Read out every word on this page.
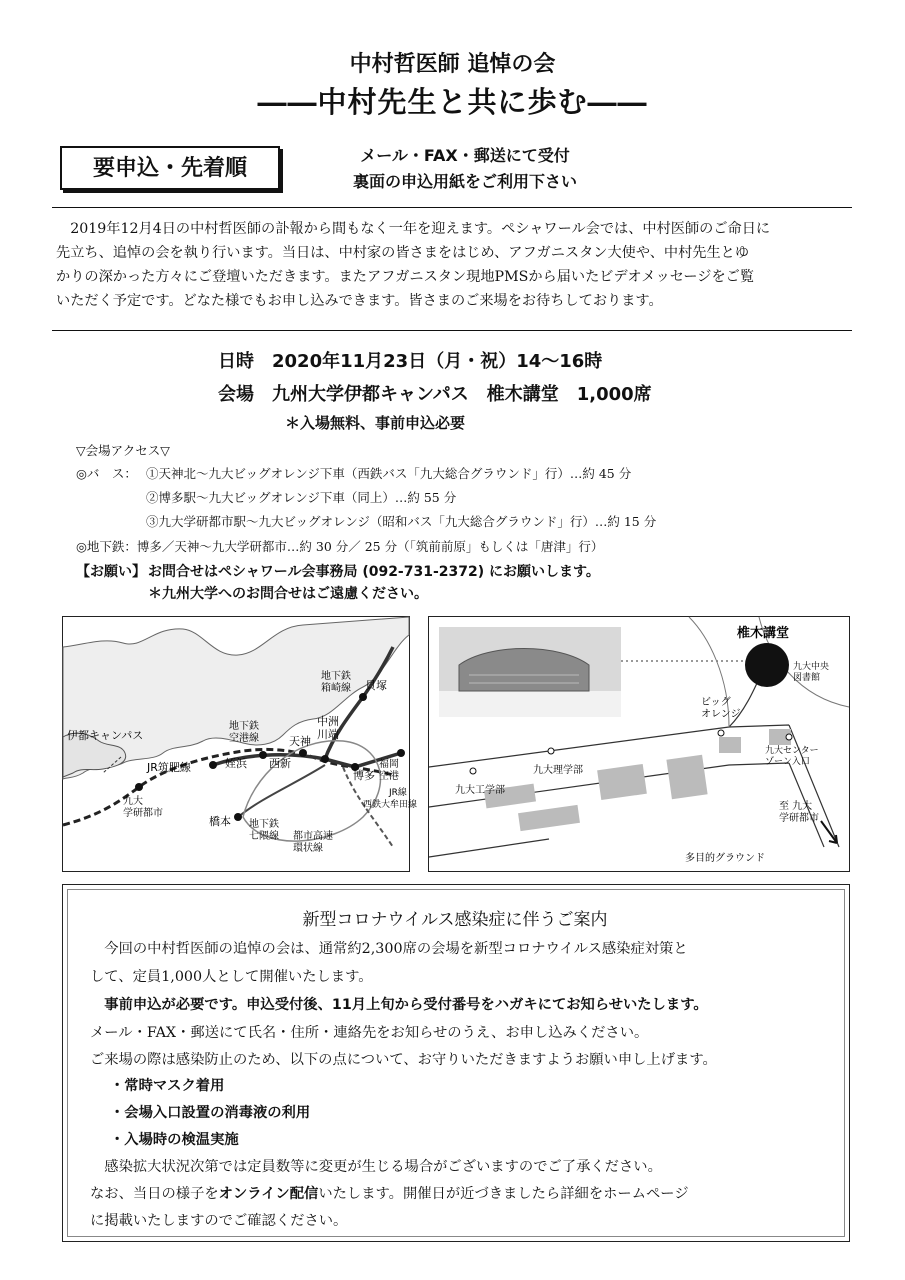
中村哲医師 追悼の会
――中村先生と共に歩む――
要申込・先着順	メール・FAX・郵送にて受付
裏面の申込用紙をご利用下さい
　2019年12月4日の中村哲医師の訃報から間もなく一年を迎えます。ペシャワール会では、中村医師のご命日に
先立ち、追悼の会を執り行います。当日は、中村家の皆さまをはじめ、アフガニスタン大使や、中村先生とゆ
かりの深かった方々にご登壇いただきます。またアフガニスタン現地PMSから届いたビデオメッセージをご覧
いただく予定です。どなた様でもお申し込みできます。皆さまのご来場をお待ちしております。
日時　2020年11月23日（月・祝）14～16時
会場　九州大学伊都キャンパス　椎木講堂　1,000席
＊入場無料、事前申込必要
▽会場アクセス▽
◎バ　ス： ①天神北～九大ビッグオレンジ下車（西鉄バス「九大総合グラウンド」行）…約 45 分
②博多駅～九大ビッグオレンジ下車（同上）…約 55 分
③九大学研都市駅～九大ビッグオレンジ（昭和バス「九大総合グラウンド」行）…約 15 分
◎地下鉄：博多／天神～九大学研都市…約 30 分／ 25 分（「筑前前原」もしくは「唐津」行）
【お願い】 お問合せはペシャワール会事務局 (092-731-2372) にお願いします。
＊九州大学へのお問合せはご遠慮ください。
伊都キャンパス
JR筑肥線
九大学研都市
姪浜 西新
天神
中洲川端
博多
福岡空港
貝塚
地下鉄箱崎線
地下鉄空港線
地下鉄七隈線
橋本
都市高速環状線
西鉄大牟田線
JR線
椎木講堂
九大中央図書館
ビッグオレンジ
九大理学部
九大工学部
九大センターゾーン入口
至 九大学研都市
多目的グラウンド
新型コロナウイルス感染症に伴うご案内
　今回の中村哲医師の追悼の会は、通常約2,300席の会場を新型コロナウイルス感染症対策と
して、定員1,000人として開催いたします。
　事前申込が必要です。申込受付後、11月上旬から受付番号をハガキにてお知らせいたします。
メール・FAX・郵送にて氏名・住所・連絡先をお知らせのうえ、お申し込みください。
ご来場の際は感染防止のため、以下の点について、お守りいただきますようお願い申し上げます。
・常時マスク着用
・会場入口設置の消毒液の利用
・入場時の検温実施
　感染拡大状況次第では定員数等に変更が生じる場合がございますのでご了承ください。
なお、当日の様子をオンライン配信いたします。開催日が近づきましたら詳細をホームページ
に掲載いたしますのでご確認ください。
